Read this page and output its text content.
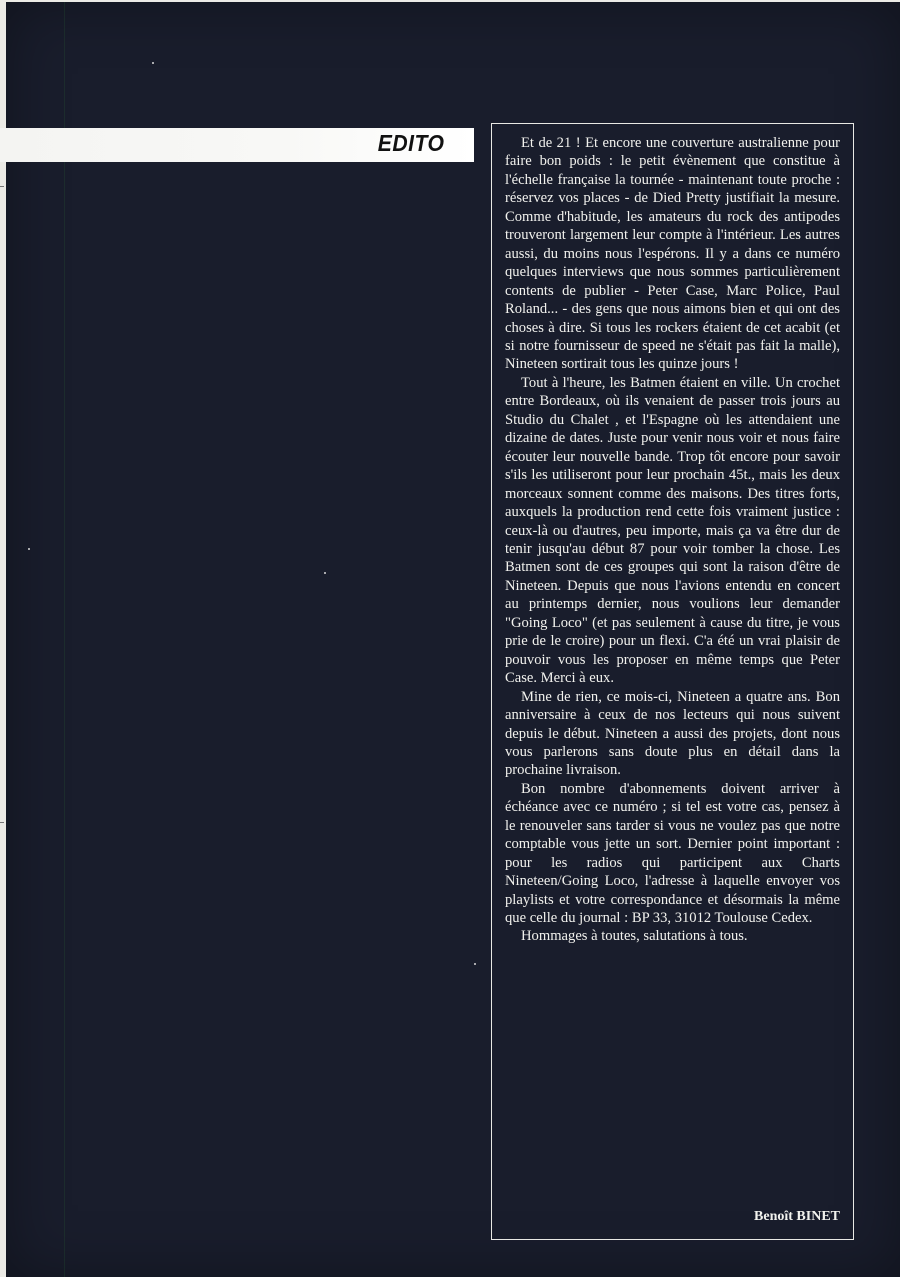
EDITO	Et de 21 ! Et encore une couverture australienne pour faire bon poids : le petit évènement que constitue à l'échelle française la tournée - maintenant toute proche : réservez vos places - de Died Pretty justifiait la mesure. Comme d'habitude, les amateurs du rock des antipodes trouveront largement leur compte à l'intérieur. Les autres aussi, du moins nous l'espérons. Il y a dans ce numéro quelques interviews que nous sommes particulièrement contents de publier - Peter Case, Marc Police, Paul Roland... - des gens que nous aimons bien et qui ont des choses à dire. Si tous les rockers étaient de cet acabit (et si notre fournisseur de speed ne s'était pas fait la malle), Nineteen sortirait tous les quinze jours !

Tout à l'heure, les Batmen étaient en ville. Un crochet entre Bordeaux, où ils venaient de passer trois jours au Studio du Chalet , et l'Espagne où les attendaient une dizaine de dates. Juste pour venir nous voir et nous faire écouter leur nouvelle bande. Trop tôt encore pour savoir s'ils les utiliseront pour leur prochain 45t., mais les deux morceaux sonnent comme des maisons. Des titres forts, auxquels la production rend cette fois vraiment justice : ceux-là ou d'autres, peu importe, mais ça va être dur de tenir jusqu'au début 87 pour voir tomber la chose. Les Batmen sont de ces groupes qui sont la raison d'être de Nineteen. Depuis que nous l'avions entendu en concert au printemps dernier, nous voulions leur demander "Going Loco" (et pas seulement à cause du titre, je vous prie de le croire) pour un flexi. C'a été un vrai plaisir de pouvoir vous les proposer en même temps que Peter Case. Merci à eux.

Mine de rien, ce mois-ci, Nineteen a quatre ans. Bon anniversaire à ceux de nos lecteurs qui nous suivent depuis le début. Nineteen a aussi des projets, dont nous vous parlerons sans doute plus en détail dans la prochaine livraison.

Bon nombre d'abonnements doivent arriver à échéance avec ce numéro ; si tel est votre cas, pensez à le renouveler sans tarder si vous ne voulez pas que notre comptable vous jette un sort. Dernier point important : pour les radios qui participent aux Charts Nineteen/Going Loco, l'adresse à laquelle envoyer vos playlists et votre correspondance et désormais la même que celle du journal : BP 33, 31012 Toulouse Cedex.

Hommages à toutes, salutations à tous.

Benoît BINET
